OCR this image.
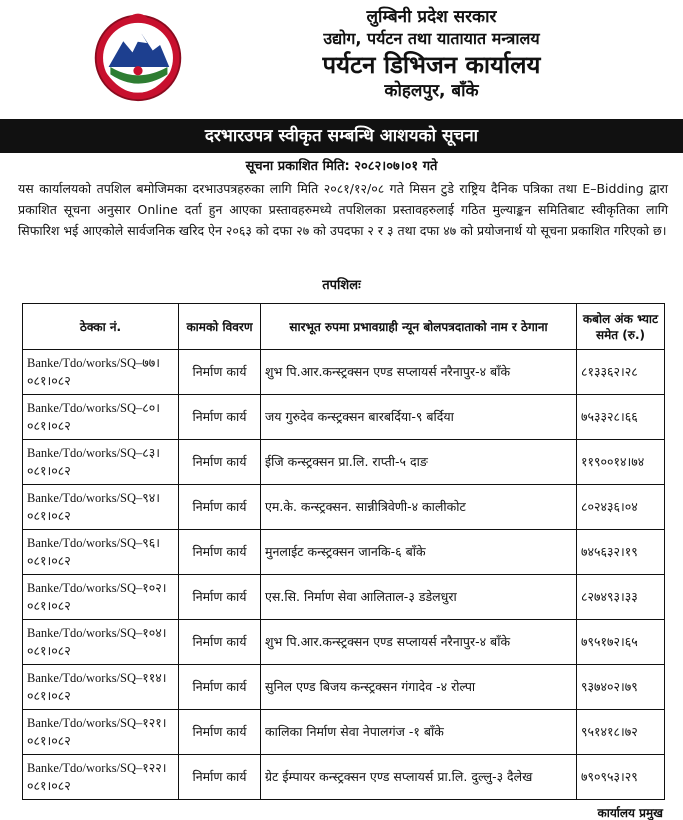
लुम्बिनी प्रदेश सरकार
उद्योग, पर्यटन तथा यातायात मन्त्रालय
पर्यटन डिभिजन कार्यालय
कोहलपुर, बाँके
दरभारउपत्र स्वीकृत सम्बन्धि आशयको सूचना
सूचना प्रकाशित मिति: २०८२।०७।०१ गते
यस कार्यालयको तपशिल बमोजिमका दरभाउपत्रहरुका लागि मिति २०८१/१२/०८ गते मिसन टुडे राष्ट्रिय दैनिक पत्रिका तथा E–Bidding द्वारा प्रकाशित सूचना अनुसार Online दर्ता हुन आएका प्रस्तावहरुमध्ये तपशिलका प्रस्तावहरुलाई गठित मुल्याङ्कन समितिबाट स्वीकृतिका लागि सिफारिश भई आएकोले सार्वजनिक खरिद ऐन २०६३ को दफा २७ को उपदफा २ र ३ तथा दफा ४७ को प्रयोजनार्थ यो सूचना प्रकाशित गरिएको छ।
तपशिलः
ठेक्का नं.	कामको विवरण	सारभूत रुपमा प्रभावग्राही न्यून बोलपत्रदाताको नाम र ठेगाना	कबोल अंक भ्याट समेत (रु.)
Banke/Tdo/works/SQ–७७।०८१।०८२	निर्माण कार्य	शुभ पि.आर.कन्स्ट्रक्सन एण्ड सप्लायर्स नरैनापुर-४ बाँके	८१३३६२।२८
Banke/Tdo/works/SQ–८०।०८१।०८२	निर्माण कार्य	जय गुरुदेव कन्स्ट्रक्सन बारबर्दिया-९ बर्दिया	७५३३२८।६६
Banke/Tdo/works/SQ–८३।०८१।०८२	निर्माण कार्य	ईजि कन्स्ट्रक्सन प्रा.लि. राप्ती-५ दाङ	११९००१४।७४
Banke/Tdo/works/SQ–९४।०८१।०८२	निर्माण कार्य	एम.के. कन्स्ट्रक्सन. सान्नीत्रिवेणी-४ कालीकोट	८०२४३६।०४
Banke/Tdo/works/SQ–९६।०८१।०८२	निर्माण कार्य	मुनलाईट कन्स्ट्रक्सन जानकि-६ बाँके	७४५६३२।१९
Banke/Tdo/works/SQ–१०२।०८१।०८२	निर्माण कार्य	एस.सि. निर्माण सेवा आलिताल-३ डडेलधुरा	८२७४९३।३३
Banke/Tdo/works/SQ–१०४।०८१।०८२	निर्माण कार्य	शुभ पि.आर.कन्स्ट्रक्सन एण्ड सप्लायर्स नरैनापुर-४ बाँके	७९५१७२।६५
Banke/Tdo/works/SQ–११४।०८१।०८२	निर्माण कार्य	सुनिल एण्ड बिजय कन्स्ट्रक्सन गंगादेव -४ रोल्पा	९३७४०२।७९
Banke/Tdo/works/SQ–१२१।०८१।०८२	निर्माण कार्य	कालिका निर्माण सेवा नेपालगंज -१ बाँके	९५१४१८।७२
Banke/Tdo/works/SQ–१२२।०८१।०८२	निर्माण कार्य	ग्रेट ईम्पायर कन्स्ट्रक्सन एण्ड सप्लायर्स प्रा.लि. दुल्लु-३ दैलेख	७९०९५३।२९
कार्यालय प्रमुख
